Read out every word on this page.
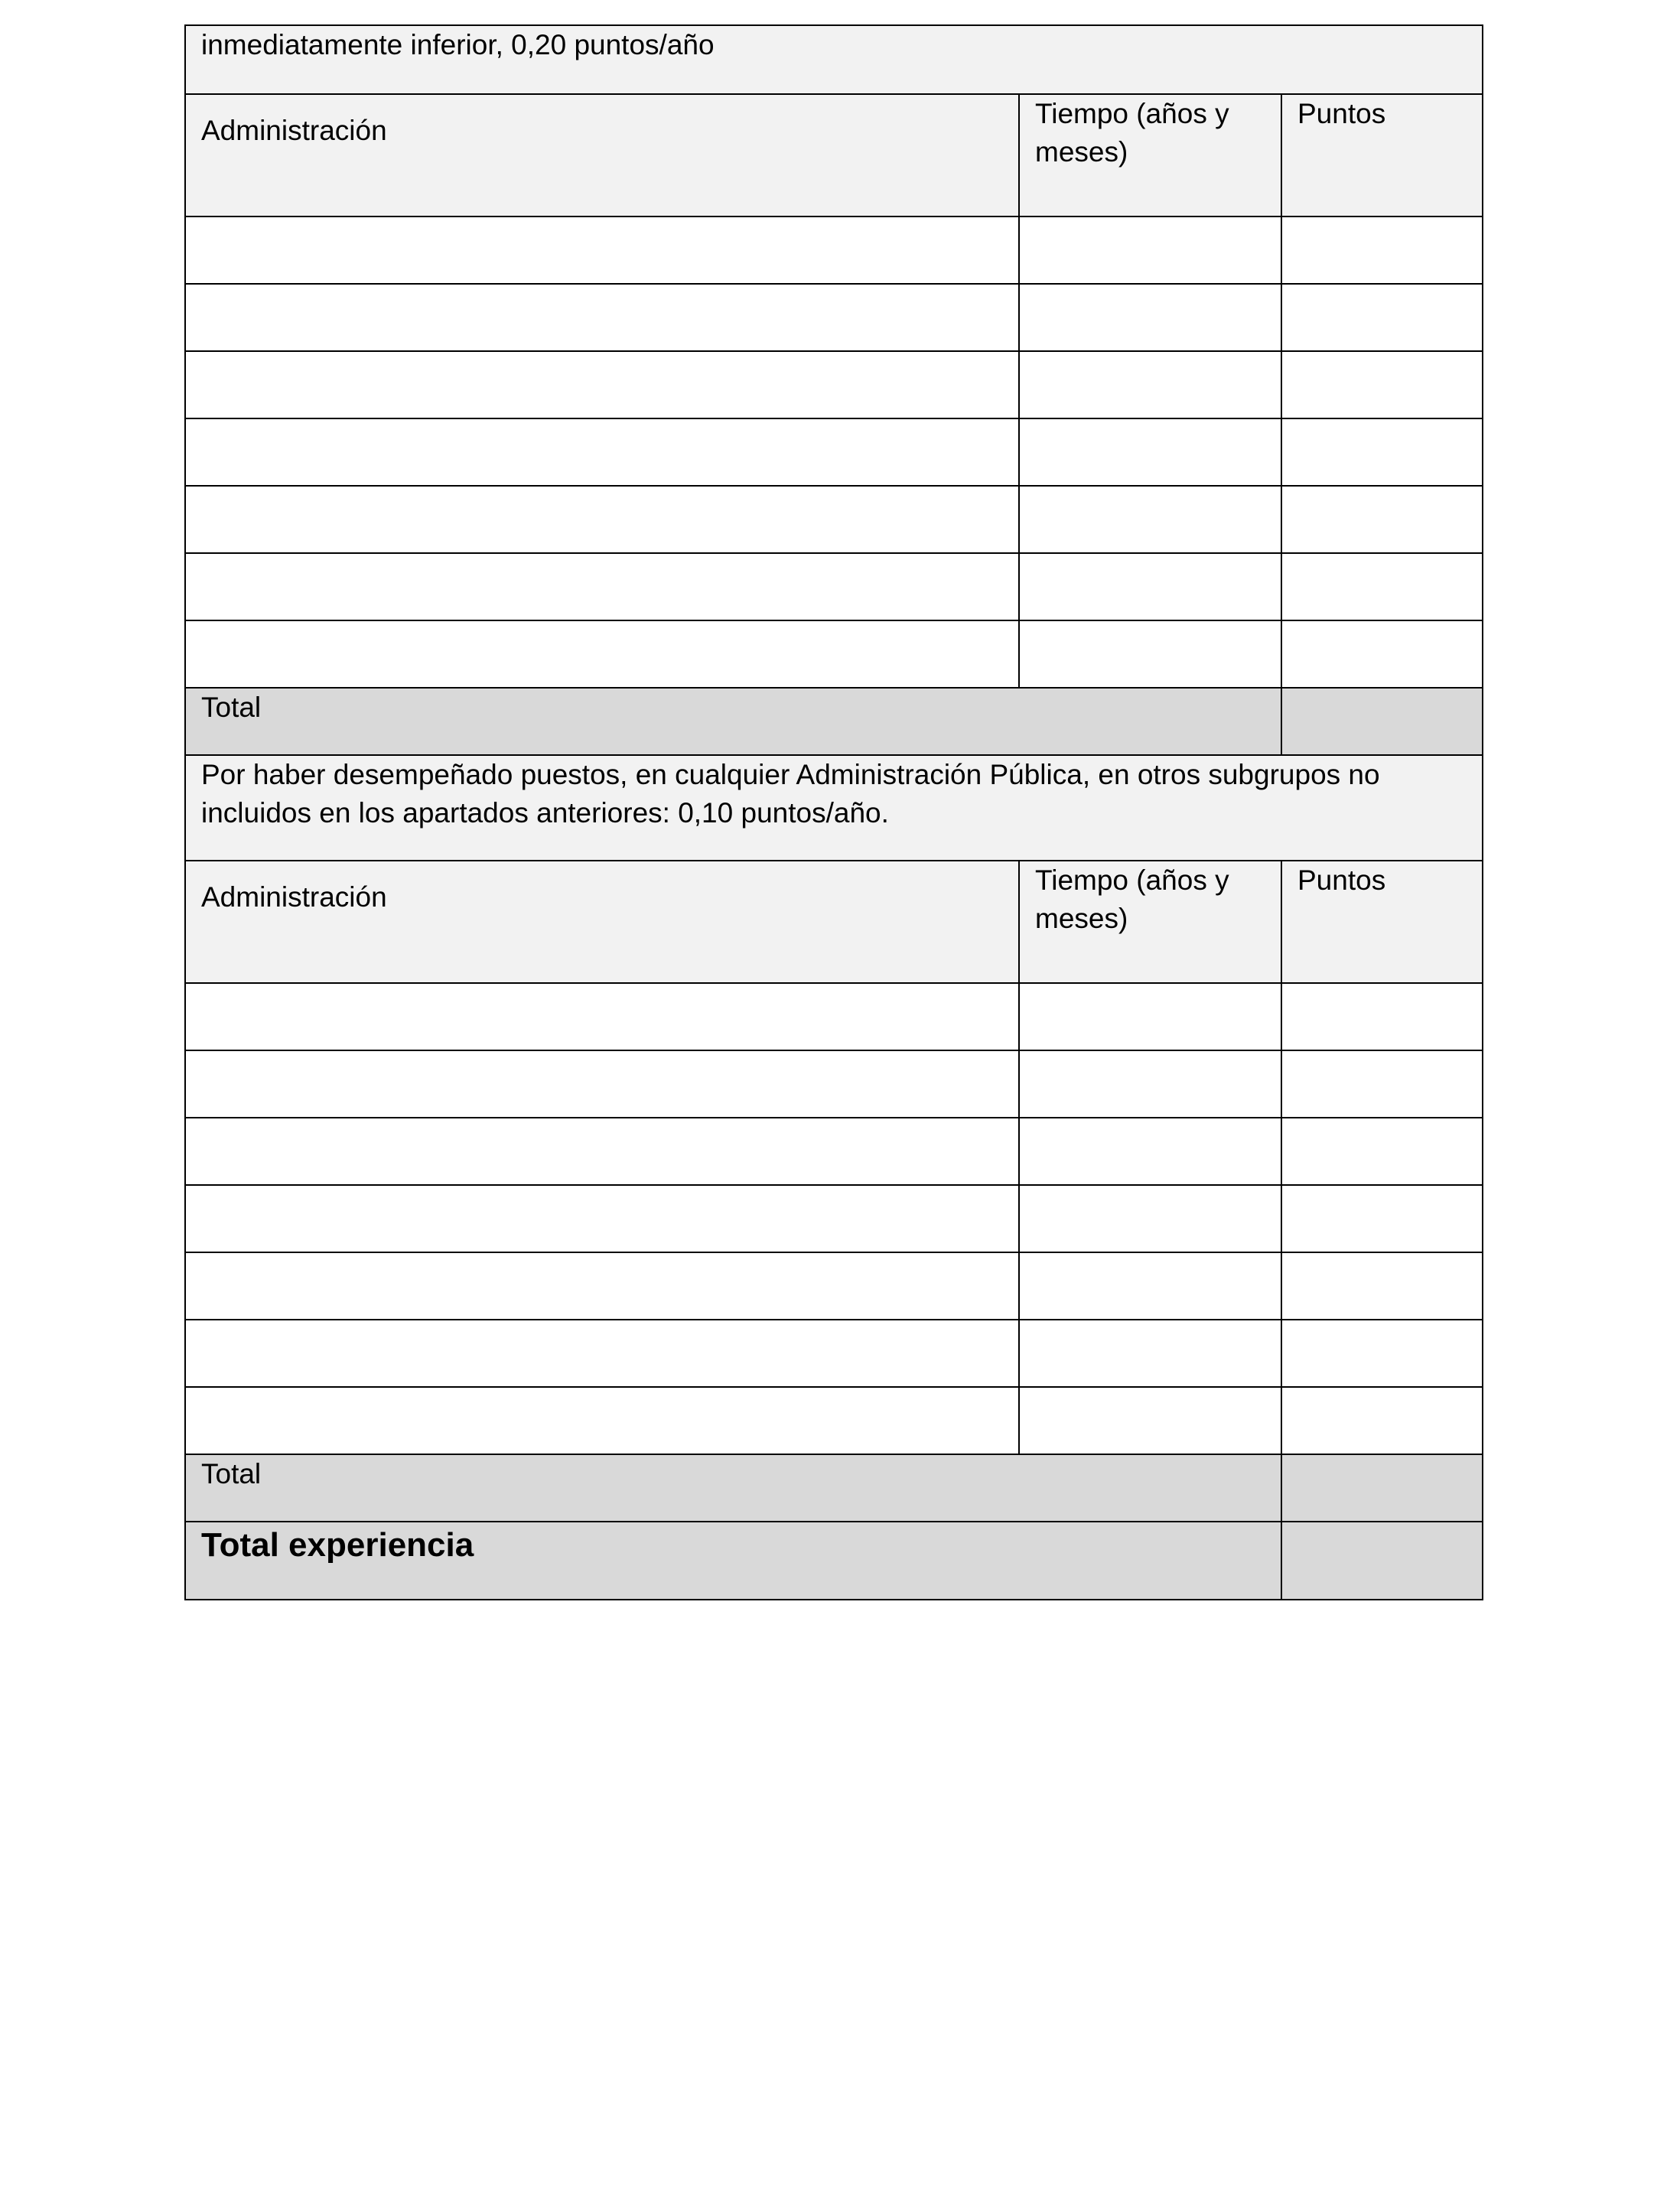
inmediatamente inferior, 0,20 puntos/año		
Administración	Tiempo (años y meses)	Puntos

Total		
Por haber desempeñado puestos, en cualquier Administración Pública, en otros subgrupos no incluidos en los apartados anteriores: 0,10 puntos/año.		
Administración	Tiempo (años y meses)	Puntos

Total		
Total experiencia		
